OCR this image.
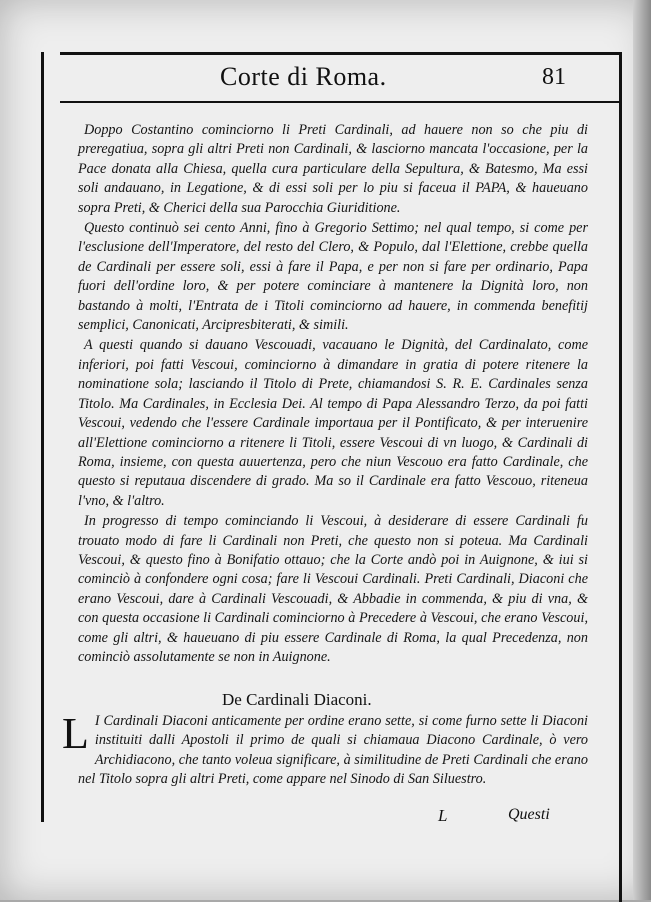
Corte di Roma.	81

Doppo Costantino cominciorno li Preti Cardinali, ad hauere non so che piu di preregatiua, sopra gli altri Preti non Cardinali, & lasciorno mancata l'occasione, per la Pace donata alla Chiesa, quella cura particulare della Sepultura, & Batesmo, Ma essi soli andauano, in Legatione, & di essi soli per lo piu si faceua il PAPA, & haueuano sopra Preti, & Cherici della sua Parocchia Giuriditione.

Questo continuò sei cento Anni, fino à Gregorio Settimo; nel qual tempo, si come per l'esclusione dell'Imperatore, del resto del Clero, & Populo, dal l'Elettione, crebbe quella de Cardinali per essere soli, essi à fare il Papa, e per non si fare per ordinario, Papa fuori dell'ordine loro, & per potere cominciare à mantenere la Dignità loro, non bastando à molti, l'Entrata de i Titoli cominciorno ad hauere, in commenda benefitij semplici, Canonicati, Arcipresbiterati, & simili.

A questi quando si dauano Vescouadi, vacauano le Dignità, del Cardinalato, come inferiori, poi fatti Vescoui, cominciorno à dimandare in gratia di potere ritenere la nominatione sola; lasciando il Titolo di Prete, chiamandosi S. R. E. Cardinales senza Titolo. Ma Cardinales, in Ecclesia Dei. Al tempo di Papa Alessandro Terzo, da poi fatti Vescoui, vedendo che l'essere Cardinale importaua per il Pontificato, & per interuenire all'Elettione cominciorno a ritenere li Titoli, essere Vescoui di vn luogo, & Cardinali di Roma, insieme, con questa auuertenza, pero che niun Vescouo era fatto Cardinale, che questo si reputaua discendere di grado. Ma so il Cardinale era fatto Vescouo, riteneua l'vno, & l'altro.

In progresso di tempo cominciando li Vescoui, à desiderare di essere Cardinali fu trouato modo di fare li Cardinali non Preti, che questo non si poteua. Ma Cardinali Vescoui, & questo fino à Bonifatio ottauo; che la Corte andò poi in Auignone, & iui si cominciò à confondere ogni cosa; fare li Vescoui Cardinali. Preti Cardinali, Diaconi che erano Vescoui, dare à Cardinali Vescouadi, & Abbadie in commenda, & piu di vna, & con questa occasione li Cardinali cominciorno à Precedere à Vescoui, che erano Vescoui, come gli altri, & haueuano di piu essere Cardinale di Roma, la qual Precedenza, non cominciò assolutamente se non in Auignone.

De Cardinali Diaconi.
L I Cardinali Diaconi anticamente per ordine erano sette, si come furno sette li Diaconi instituiti dalli Apostoli il primo de quali si chiamaua Diacono Cardinale, ò vero Archidiacono, che tanto voleua significare, à similitudine de Preti Cardinali che erano nel Titolo sopra gli altri Preti, come appare nel Sinodo di San Siluestro.

L	Questi
